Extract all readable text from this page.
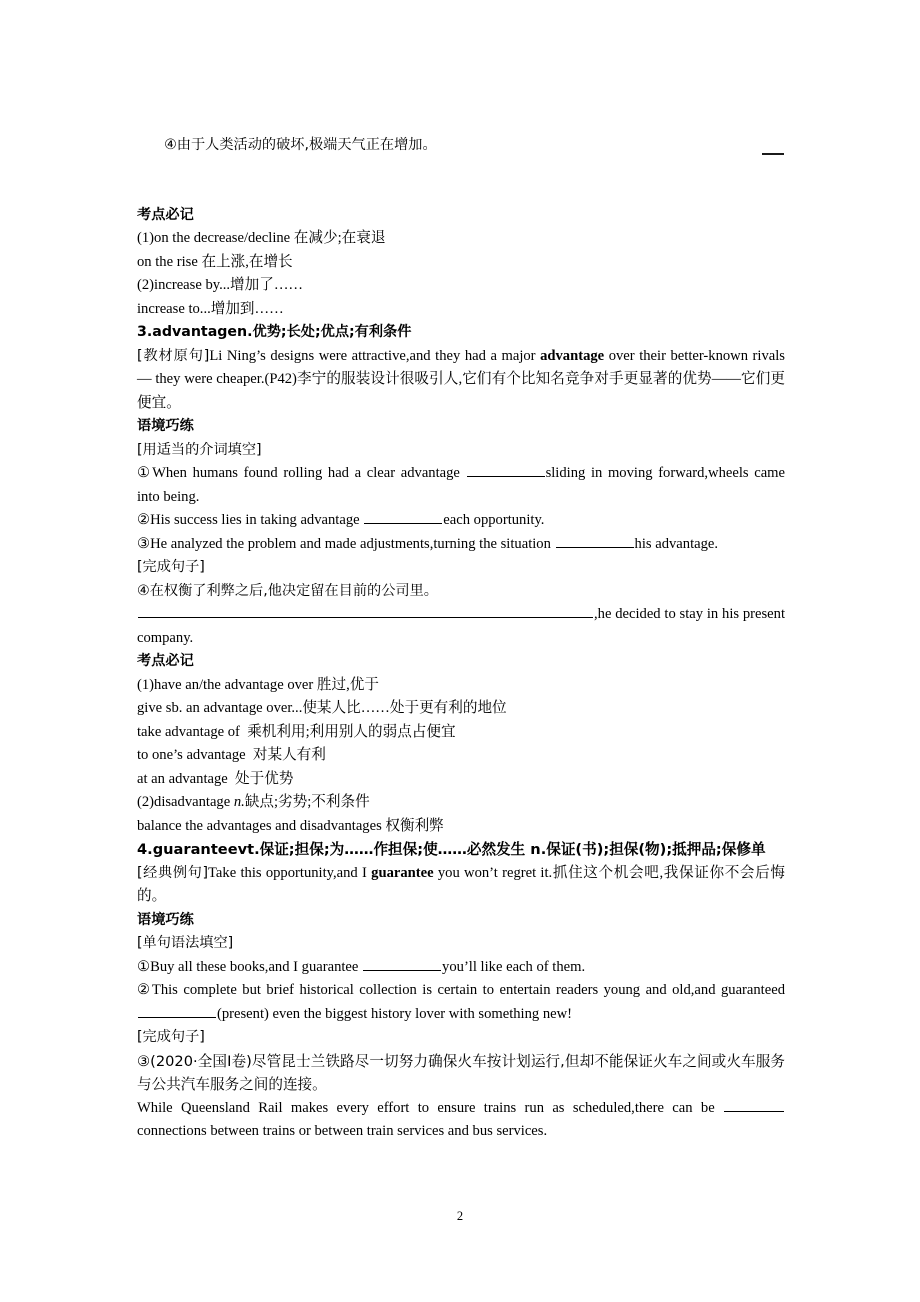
④由于人类活动的破坏,极端天气正在增加。

考点必记
(1)on the decrease/decline 在减少;在衰退
on the rise 在上涨,在增长
(2)increase by...增加了……
increase to...增加到……
3.advantagen.优势;长处;优点;有利条件
[教材原句]Li Ning’s designs were attractive,and they had a major advantage over their better-known rivals — they were cheaper.(P42)李宁的服装设计很吸引人,它们有个比知名竞争对手更显著的优势——它们更便宜。
语境巧练
[用适当的介词填空]
①When humans found rolling had a clear advantage	sliding in moving forward,wheels came into being.
②His success lies in taking advantage	each opportunity.
③He analyzed the problem and made adjustments,turning the situation	his advantage.
[完成句子]
④在权衡了利弊之后,他决定留在目前的公司里。
,he decided to stay in his present company.
考点必记
(1)have an/the advantage over 胜过,优于
give sb. an advantage over...使某人比……处于更有利的地位
take advantage of  乘机利用;利用别人的弱点占便宜
to one’s advantage  对某人有利
at an advantage  处于优势
(2)disadvantage n.缺点;劣势;不利条件
balance the advantages and disadvantages 权衡利弊
4.guaranteevt.保证;担保;为……作担保;使……必然发生 n.保证(书);担保(物);抵押品;保修单
[经典例句]Take this opportunity,and I guarantee you won’t regret it.抓住这个机会吧,我保证你不会后悔的。
语境巧练
[单句语法填空]
①Buy all these books,and I guarantee	you’ll like each of them.
②This complete but brief historical collection is certain to entertain readers young and old,and guaranteed (present) even the biggest history lover with something new!
[完成句子]
③(2020·全国Ⅰ卷)尽管昆士兰铁路尽一切努力确保火车按计划运行,但却不能保证火车之间或火车服务与公共汽车服务之间的连接。
While Queensland Rail makes every effort to ensure trains run as scheduled,there can be connections between trains or between train services and bus services.
2
